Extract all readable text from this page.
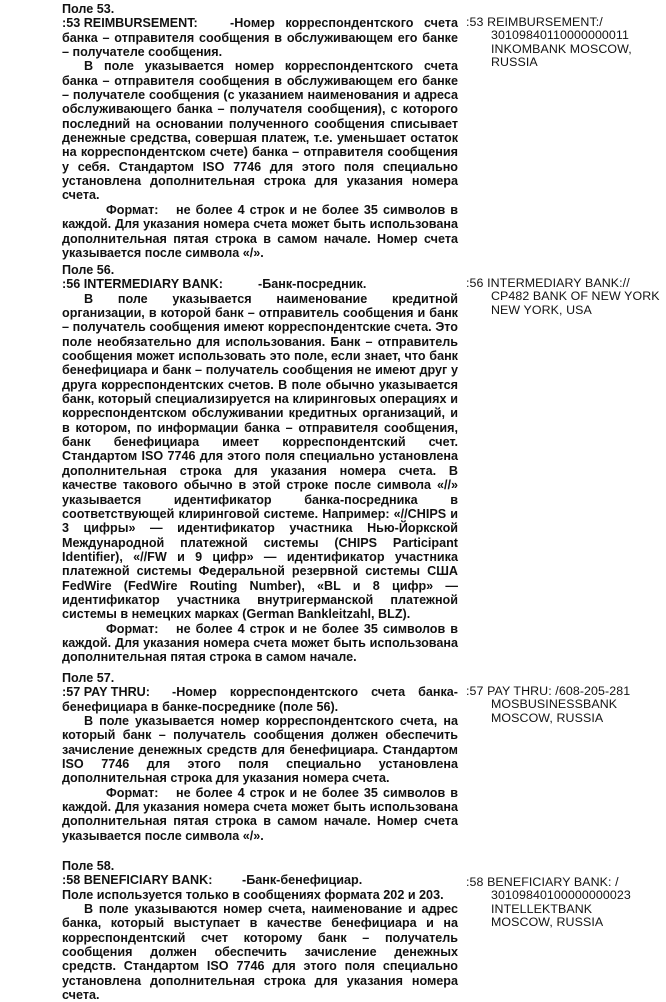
Поле 53.
:53 REIMBURSEMENT:	-Номер корреспондентского счета банка – отправителя сообщения в обслуживающем его банке – получателе сообщения.
В поле указывается номер корреспондентского счета банка – отправителя сообщения в обслуживающем его банке – получателе сообщения (с указанием наименования и адреса обслуживающего банка – получателя сообщения), с которого последний на основании полученного сообщения списывает денежные средства, совершая платеж, т.е. уменьшает остаток на корреспондентском счете) банка – отправителя сообщения у себя. Стандартом ISO 7746 для этого поля специально установлена дополнительная строка для указания номера счета.
Формат: не более 4 строк и не более 35 символов в каждой. Для указания номера счета может быть использована дополнительная пятая строка в самом начале. Номер счета указывается после символа «/».
:53 REIMBURSEMENT:/
30109840110000000011
INKOMBANK MOSCOW,
RUSSIA
Поле 56.
:56 INTERMEDIARY BANK:	-Банк-посредник.
В поле указывается наименование кредитной организации, в которой банк – отправитель сообщения и банк – получатель сообщения имеют корреспондентские счета. Это поле необязательно для использования. Банк – отправитель сообщения может использовать это поле, если знает, что банк бенефициара и банк – получатель сообщения не имеют друг у друга корреспондентских счетов. В поле обычно указывается банк, который специализируется на клиринговых операциях и корреспондентском обслуживании кредитных организаций, и в котором, по информации банка – отправителя сообщения, банк бенефициара имеет корреспондентский счет. Стандартом ISO 7746 для этого поля специально установлена дополнительная строка для указания номера счета. В качестве такового обычно в этой строке после символа «//» указывается идентификатор банка-посредника в соответствующей клиринговой системе. Например: «//CHIPS и 3 цифры» — идентификатор участника Нью-Йоркской Международной платежной системы (CHIPS Participant Identifier), «//FW и 9 цифр» — идентификатор участника платежной системы Федеральной резервной системы США FedWire (FedWire Routing Number), «BL и 8 цифр» — идентификатор участника внутригерманской платежной системы в немецких марках (German Bankleitzahl, BLZ).
Формат: не более 4 строк и не более 35 символов в каждой. Для указания номера счета может быть использована дополнительная пятая строка в самом начале.
:56 INTERMEDIARY BANK://
CP482 BANK OF NEW YORK
NEW YORK, USA
Поле 57.
:57 PAY THRU: -Номер корреспондентского счета банка-бенефициара в банке-посреднике (поле 56).
В поле указывается номер корреспондентского счета, на который банк – получатель сообщения должен обеспечить зачисление денежных средств для бенефициара. Стандартом ISO 7746 для этого поля специально установлена дополнительная строка для указания номера счета.
Формат: не более 4 строк и не более 35 символов в каждой. Для указания номера счета может быть использована дополнительная пятая строка в самом начале. Номер счета указывается после символа «/».
:57 PAY THRU: /608-205-281
MOSBUSINESSBANK
MOSCOW, RUSSIA
Поле 58.
:58 BENEFICIARY BANK: -Банк-бенефициар.
Поле используется только в сообщениях формата 202 и 203.
В поле указываются номер счета, наименование и адрес банка, который выступает в качестве бенефициара и на корреспондентский счет которому банк – получатель сообщения должен обеспечить зачисление денежных средств. Стандартом ISO 7746 для этого поля специально установлена дополнительная строка для указания номера счета.
:58 BENEFICIARY BANK: /
30109840100000000023
INTELLEKTBANK
MOSCOW, RUSSIA
